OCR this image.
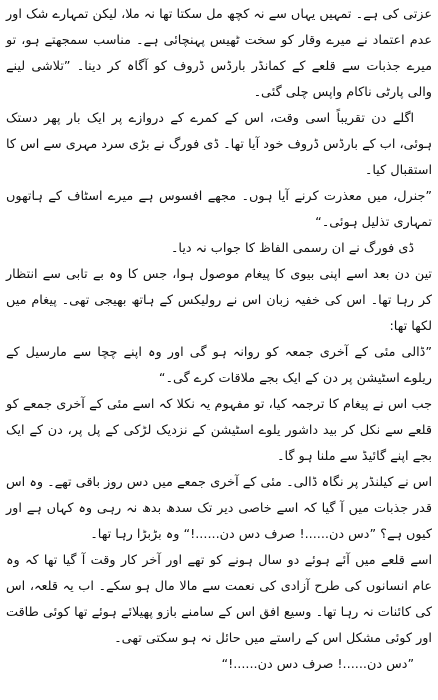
عزتی کی ہے۔ تمہیں یہاں سے نہ کچھ مل سکتا تھا نہ ملا، لیکن تمہارے شک اور عدم اعتماد نے میرے وقار کو سخت ٹھیس پہنچائی ہے۔ مناسب سمجھتے ہو، تو میرے جذبات سے قلعے کے کمانڈر بارڈس ڈروف کو آگاہ کر دینا۔ ”تلاشی لینے والی پارٹی ناکام واپس چلی گئی۔

اگلے دن تقریباً اسی وقت، اس کے کمرے کے دروازے پر ایک بار پھر دستک ہوئی، اب کے بارڈس ڈروف خود آیا تھا۔ ڈی فورگ نے بڑی سرد مہری سے اس کا استقبال کیا۔

”جنرل، میں معذرت کرنے آیا ہوں۔ مجھے افسوس ہے میرے اسٹاف کے ہاتھوں تمہاری تذلیل ہوئی۔“

ڈی فورگ نے ان رسمی الفاظ کا جواب نہ دیا۔

تین دن بعد اسے اپنی بیوی کا پیغام موصول ہوا، جس کا وہ بے تابی سے انتظار کر رہا تھا۔ اس کی خفیہ زبان اس نے رولیکس کے ہاتھ بھیجی تھی۔ پیغام میں لکھا تھا:

”ڈالی مئی کے آخری جمعہ کو روانہ ہو گی اور وہ اپنے چچا سے مارسیل کے ریلوے اسٹیشن پر دن کے ایک بجے ملاقات کرے گی۔“

جب اس نے پیغام کا ترجمہ کیا، تو مفہوم یہ نکلا کہ اسے مئی کے آخری جمعے کو قلعے سے نکل کر بید داشور یلوے اسٹیشن کے نزدیک لڑکی کے پل پر، دن کے ایک بجے اپنے گائیڈ سے ملنا ہو گا۔

اس نے کیلنڈر پر نگاہ ڈالی۔ مئی کے آخری جمعے میں دس روز باقی تھے۔ وہ اس قدر جذبات میں آ گیا کہ اسے خاصی دیر تک سدھ بدھ نہ رہی وہ کہاں ہے اور کیوں ہے؟ ”دس دن......! صرف دس دن......!“ وہ بڑبڑا رہا تھا۔

اسے قلعے میں آئے ہوئے دو سال ہونے کو تھے اور آخر کار وقت آ گیا تھا کہ وہ عام انسانوں کی طرح آزادی کی نعمت سے مالا مال ہو سکے۔ اب یہ قلعہ، اس کی کائنات نہ رہا تھا۔ وسیع افق اس کے سامنے بازو پھیلائے ہوئے تھا کوئی طاقت اور کوئی مشکل اس کے راستے میں حائل نہ ہو سکتی تھی۔

”دس دن......! صرف دس دن......!“
